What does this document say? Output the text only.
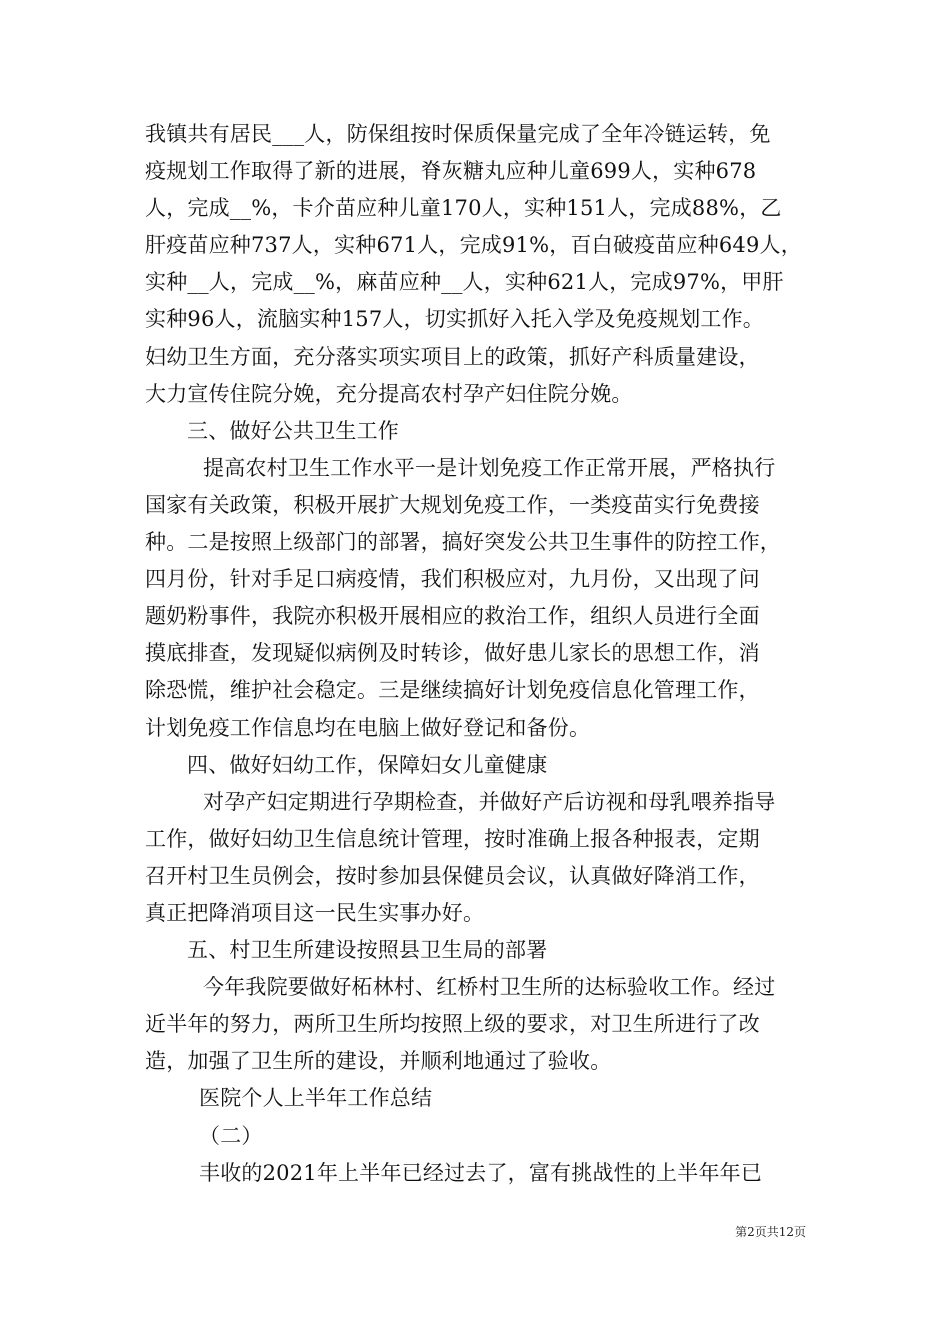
我镇共有居民___人，防保组按时保质保量完成了全年冷链运转，免
疫规划工作取得了新的进展，脊灰糖丸应种儿童699人，实种678
人，完成__%，卡介苗应种儿童170人，实种151人，完成88%，乙
肝疫苗应种737人，实种671人，完成91%，百白破疫苗应种649人，
实种__人，完成__%，麻苗应种__人，实种621人，完成97%，甲肝
实种96人，流脑实种157人，切实抓好入托入学及免疫规划工作。
妇幼卫生方面，充分落实项实项目上的政策，抓好产科质量建设，
大力宣传住院分娩，充分提高农村孕产妇住院分娩。
三、做好公共卫生工作
提高农村卫生工作水平一是计划免疫工作正常开展，严格执行
国家有关政策，积极开展扩大规划免疫工作，一类疫苗实行免费接
种。二是按照上级部门的部署，搞好突发公共卫生事件的防控工作，
四月份，针对手足口病疫情，我们积极应对，九月份，又出现了问
题奶粉事件，我院亦积极开展相应的救治工作，组织人员进行全面
摸底排查，发现疑似病例及时转诊，做好患儿家长的思想工作，消
除恐慌，维护社会稳定。三是继续搞好计划免疫信息化管理工作，
计划免疫工作信息均在电脑上做好登记和备份。
四、做好妇幼工作，保障妇女儿童健康
对孕产妇定期进行孕期检查，并做好产后访视和母乳喂养指导
工作，做好妇幼卫生信息统计管理，按时准确上报各种报表，定期
召开村卫生员例会，按时参加县保健员会议，认真做好降消工作，
真正把降消项目这一民生实事办好。
五、村卫生所建设按照县卫生局的部署
今年我院要做好柘林村、红桥村卫生所的达标验收工作。经过
近半年的努力，两所卫生所均按照上级的要求，对卫生所进行了改
造，加强了卫生所的建设，并顺利地通过了验收。
医院个人上半年工作总结
（二）
丰收的2021年上半年已经过去了，富有挑战性的上半年年已
第2页共12页
